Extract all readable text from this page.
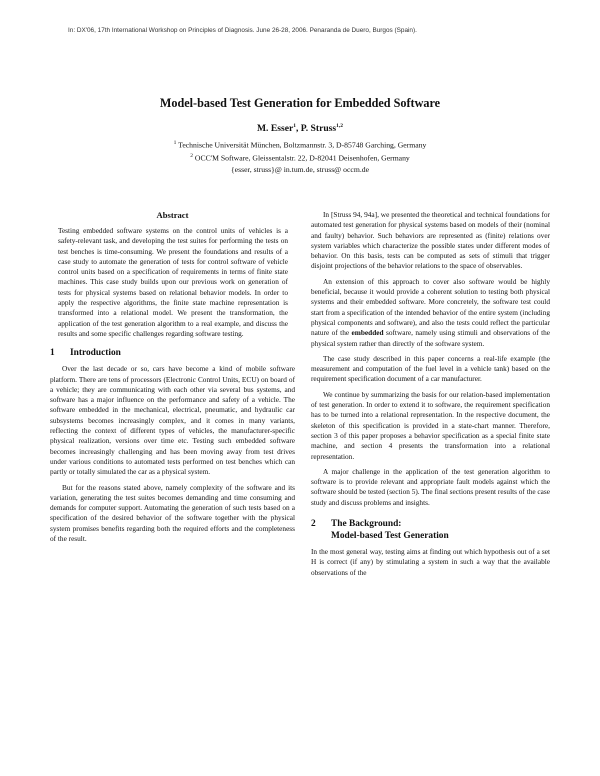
In: DX'06, 17th International Workshop on Principles of Diagnosis. June 26-28, 2006. Penaranda de Duero, Burgos (Spain).
Model-based Test Generation for Embedded Software
M. Esser$^1$, P. Struss$^{1,2}$
$^1$ Technische Universität München, Boltzmannstr. 3, D-85748 Garching, Germany
$^2$ OCC'M Software, Gleissentalstr. 22, D-82041 Deisenhofen, Germany
{esser, struss}@ in.tum.de, struss@ occm.de
Abstract

Testing embedded software systems on the control units of vehicles is a safety-relevant task, and developing the test suites for performing the tests on test benches is time-consuming. We present the foundations and results of a case study to automate the generation of tests for control software of vehicle control units based on a specification of requirements in terms of finite state machines. This case study builds upon our previous work on generation of tests for physical systems based on relational behavior models. In order to apply the respective algorithms, the finite state machine representation is transformed into a relational model. We present the transformation, the application of the test generation algorithm to a real example, and discuss the results and some specific challenges regarding software testing.

1 Introduction

Over the last decade or so, cars have become a kind of mobile software platform. There are tens of processors (Electronic Control Units, ECU) on board of a vehicle; they are communicating with each other via several bus systems, and software has a major influence on the performance and safety of a vehicle. The software embedded in the mechanical, electrical, pneumatic, and hydraulic car subsystems becomes increasingly complex, and it comes in many variants, reflecting the context of different types of vehicles, the manufacturer-specific physical realization, versions over time etc. Testing such embedded software becomes increasingly challenging and has been moving away from test drives under various conditions to automated tests performed on test benches which can partly or totally simulated the car as a physical system.

But for the reasons stated above, namely complexity of the software and its variation, generating the test suites becomes demanding and time consuming and demands for computer support. Automating the generation of such tests based on a specification of the desired behavior of the software together with the physical system promises benefits regarding both the required efforts and the completeness of the result.

In [Struss 94, 94a], we presented the theoretical and technical foundations for automated test generation for physical systems based on models of their (nominal and faulty) behavior. Such behaviors are represented as (finite) relations over system variables which characterize the possible states under different modes of behavior. On this basis, tests can be computed as sets of stimuli that trigger disjoint projections of the behavior relations to the space of observables.

An extension of this approach to cover also software would be highly beneficial, because it would provide a coherent solution to testing both physical systems and their embedded software. More concretely, the software test could start from a specification of the intended behavior of the entire system (including physical components and software), and also the tests could reflect the particular nature of the embedded software, namely using stimuli and observations of the physical system rather than directly of the software system.

The case study described in this paper concerns a real-life example (the measurement and computation of the fuel level in a vehicle tank) based on the requirement specification document of a car manufacturer.

We continue by summarizing the basis for our relation-based implementation of test generation. In order to extend it to software, the requirement specification has to be turned into a relational representation. In the respective document, the skeleton of this specification is provided in a state-chart manner. Therefore, section 3 of this paper proposes a behavior specification as a special finite state machine, and section 4 presents the transformation into a relational representation.

A major challenge in the application of the test generation algorithm to software is to provide relevant and appropriate fault models against which the software should be tested (section 5). The final sections present results of the case study and discuss problems and insights.

2 The Background:
Model-based Test Generation

In the most general way, testing aims at finding out which hypothesis out of a set H is correct (if any) by stimulating a system in such a way that the available observations of the
